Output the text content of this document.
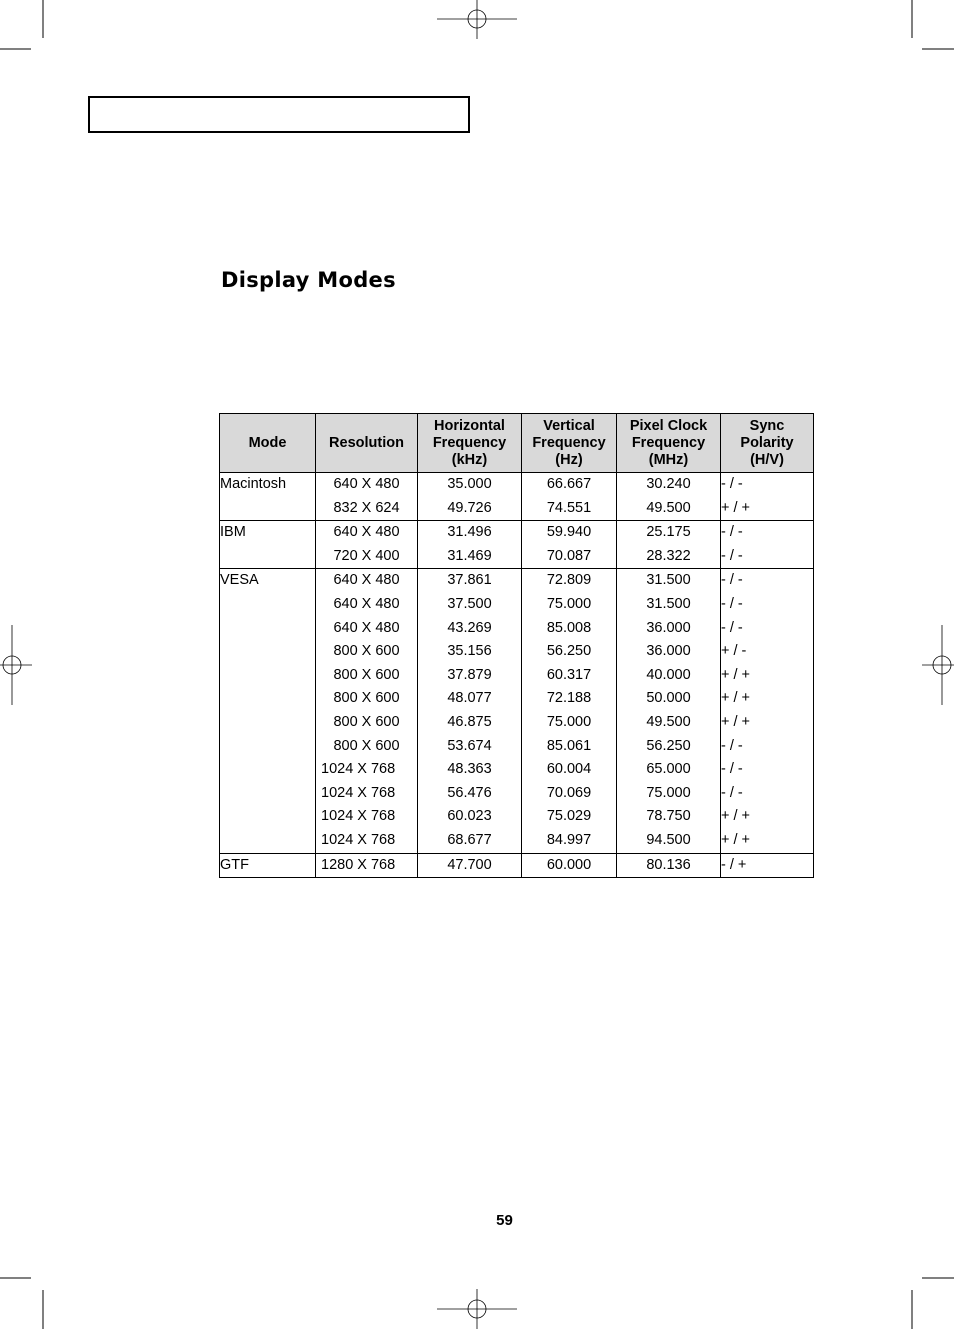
Display Modes
Mode	Resolution	Horizontal
Frequency
(kHz)	Vertical
Frequency
(Hz)	Pixel Clock
Frequency
(MHz)	Sync
Polarity
(H/V)
Macintosh	640 X 480	35.000	66.667	30.240	- / -
	832 X 624	49.726	74.551	49.500	+ / +
IBM	640 X 480	31.496	59.940	25.175	- / -
	720 X 400	31.469	70.087	28.322	- / -
VESA	640 X 480	37.861	72.809	31.500	- / -
	640 X 480	37.500	75.000	31.500	- / -
	640 X 480	43.269	85.008	36.000	- / -
	800 X 600	35.156	56.250	36.000	+ / -
	800 X 600	37.879	60.317	40.000	+ / +
	800 X 600	48.077	72.188	50.000	+ / +
	800 X 600	46.875	75.000	49.500	+ / +
	800 X 600	53.674	85.061	56.250	- / -
	1024 X 768	48.363	60.004	65.000	- / -
	1024 X 768	56.476	70.069	75.000	- / -
	1024 X 768	60.023	75.029	78.750	+ / +
	1024 X 768	68.677	84.997	94.500	+ / +
GTF	1280 X 768	47.700	60.000	80.136	- / +
59
